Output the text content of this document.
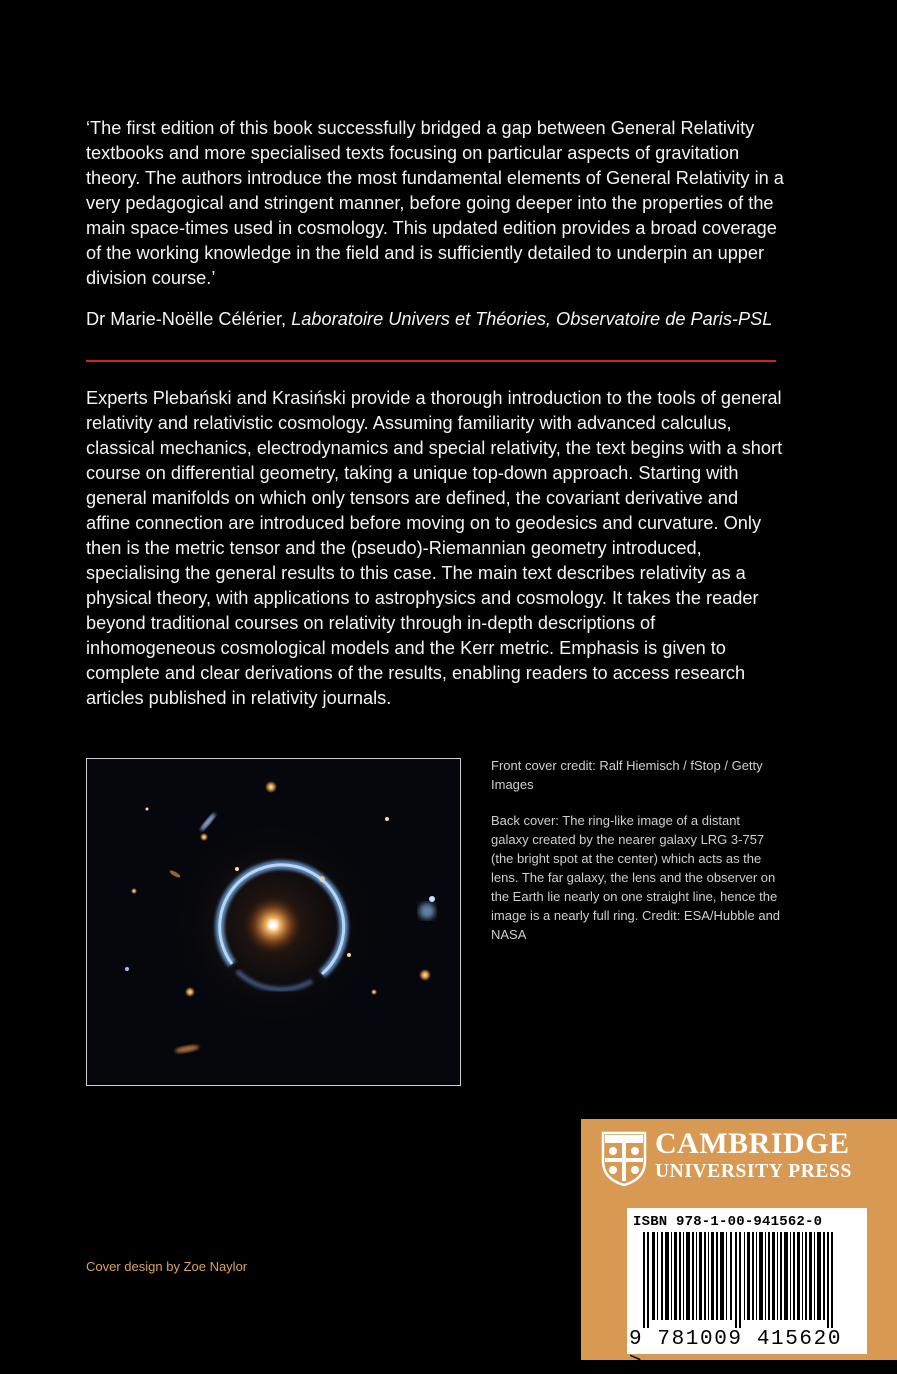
‘The first edition of this book successfully bridged a gap between General Relativity textbooks and more specialised texts focusing on particular aspects of gravitation theory. The authors introduce the most fundamental elements of General Relativity in a very pedagogical and stringent manner, before going deeper into the properties of the main space-times used in cosmology. This updated edition provides a broad coverage of the working knowledge in the field and is sufficiently detailed to underpin an upper division course.’

Dr Marie-Noëlle Célérier, Laboratoire Univers et Théories, Observatoire de Paris-PSL

Experts Plebański and Krasiński provide a thorough introduction to the tools of general relativity and relativistic cosmology. Assuming familiarity with advanced calculus, classical mechanics, electrodynamics and special relativity, the text begins with a short course on differential geometry, taking a unique top-down approach. Starting with general manifolds on which only tensors are defined, the covariant derivative and affine connection are introduced before moving on to geodesics and curvature. Only then is the metric tensor and the (pseudo)-Riemannian geometry introduced, specialising the general results to this case. The main text describes relativity as a physical theory, with applications to astrophysics and cosmology. It takes the reader beyond traditional courses on relativity through in-depth descriptions of inhomogeneous cosmological models and the Kerr metric. Emphasis is given to complete and clear derivations of the results, enabling readers to access research articles published in relativity journals.

Front cover credit: Ralf Hiemisch / fStop / Getty Images

Back cover: The ring-like image of a distant galaxy created by the nearer galaxy LRG 3-757 (the bright spot at the center) which acts as the lens. The far galaxy, the lens and the observer on the Earth lie nearly on one straight line, hence the image is a nearly full ring. Credit: ESA/Hubble and NASA

Cover design by Zoe Naylor
CAMBRIDGE
UNIVERSITY PRESS
ISBN 978-1-00-941562-0
9 781009 415620 >
